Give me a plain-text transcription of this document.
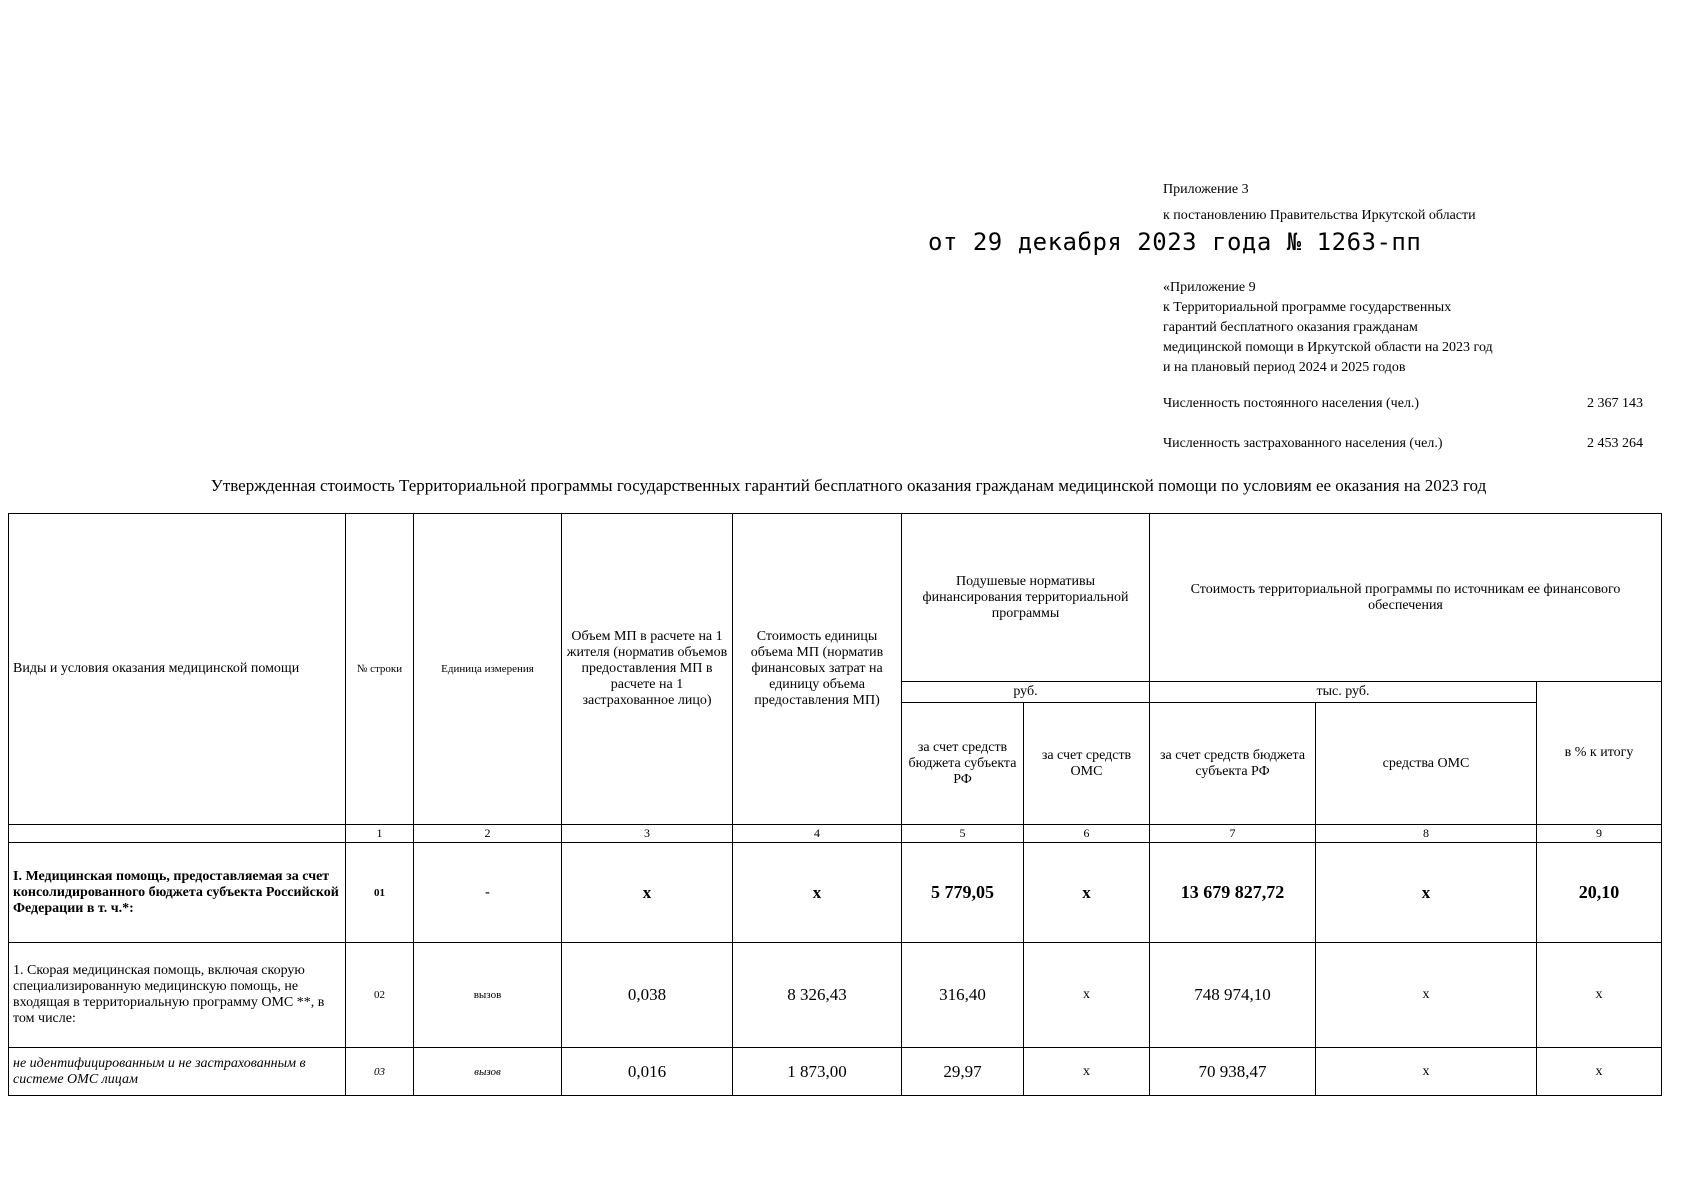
Приложение 3
к постановлению Правительства Иркутской области
от 29 декабря 2023 года № 1263-пп
«Приложение 9
к Территориальной программе государственных
гарантий бесплатного оказания гражданам
медицинской помощи в Иркутской области на 2023 год
и на плановый период 2024 и 2025 годов
Численность постоянного населения (чел.)	2 367 143
Численность застрахованного населения (чел.)	2 453 264
Утвержденная стоимость Территориальной программы государственных гарантий бесплатного оказания гражданам медицинской помощи по условиям ее оказания на 2023 год
Виды и условия оказания медицинской помощи	№ строки	Единица измерения	Объем МП в расчете на 1 жителя (норматив объемов предоставления МП в расчете на 1 застрахованное лицо)	Стоимость единицы объема МП (норматив финансовых затрат на единицу объема предоставления МП)	Подушевые нормативы финансирования территориальной программы		Стоимость территориальной программы по источникам ее финансового обеспечения		
					руб.		тыс. руб.		в % к итогу
					за счет средств бюджета субъекта РФ	за счет средств ОМС	за счет средств бюджета субъекта РФ	средства ОМС	
	1	2	3	4	5	6	7	8	9
I. Медицинская помощь, предоставляемая за счет консолидированного бюджета субъекта Российской Федерации в т. ч.*:	01	-	x	x	5 779,05	x	13 679 827,72	x	20,10
1. Скорая медицинская помощь, включая скорую специализированную медицинскую помощь, не входящая в территориальную программу ОМС **, в том числе:	02	вызов	0,038	8 326,43	316,40	x	748 974,10	x	x
не идентифицированным и не застрахованным в системе ОМС лицам	03	вызов	0,016	1 873,00	29,97	x	70 938,47	x	x
